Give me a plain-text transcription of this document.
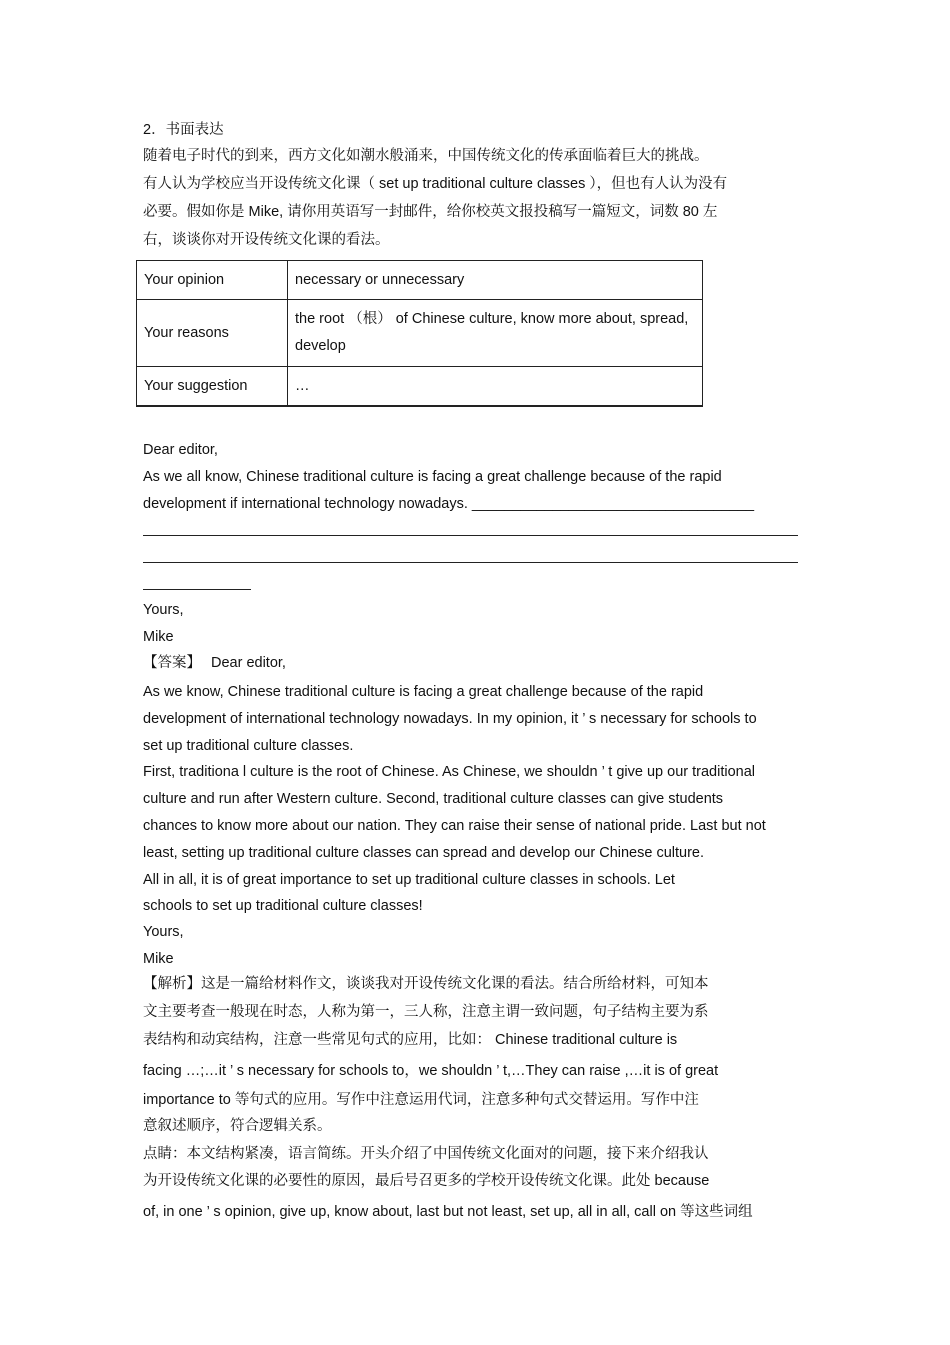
2．书面表达
随着电子时代的到来，西方文化如潮水般涌来，中国传统文化的传承面临着巨大的挑战。
有人认为学校应当开设传统文化课（ set up traditional culture classes ），但也有人认为没有
必要。假如你是 Mike, 请你用英语写一封邮件，给你校英文报投稿写一篇短文，词数 80 左
右，谈谈你对开设传统文化课的看法。
Your opinion	necessary or unnecessary
Your reasons	the root （根） of Chinese culture, know more about, spread, develop
Your suggestion	…
Dear editor,
As we all know, Chinese traditional culture is facing a great challenge because of the rapid
development if international technology nowadays. ___________________________________
Yours,
Mike
【答案】 Dear editor,
As we know, Chinese traditional culture is facing a great challenge because of the rapid
development of international technology nowadays. In my opinion, it ’ s necessary for schools to
set up traditional culture classes.
First, traditiona l culture is the root of Chinese. As Chinese, we shouldn ’ t give up our traditional
culture and run after Western culture. Second, traditional culture classes can give students
chances to know more about our nation. They can raise their sense of national pride. Last but not
least, setting up traditional culture classes can spread and develop our Chinese culture.
All in all, it is of great importance to set up traditional culture classes in schools. Let
schools to set up traditional culture classes!
Yours,
Mike
【解析】这是一篇给材料作文，谈谈我对开设传统文化课的看法。结合所给材料，可知本
文主要考查一般现在时态，人称为第一，三人称，注意主谓一致问题，句子结构主要为系
表结构和动宾结构，注意一些常见句式的应用，比如： Chinese traditional culture is
facing …;…it ’ s necessary for schools to，we shouldn ’ t,…They can raise ,…it is of great
importance to 等句式的应用。写作中注意运用代词，注意多种句式交替运用。写作中注
意叙述顺序，符合逻辑关系。
点睛：本文结构紧凑，语言简练。开头介绍了中国传统文化面对的问题，接下来介绍我认
为开设传统文化课的必要性的原因，最后号召更多的学校开设传统文化课。此处 because
of, in one ’ s opinion, give up, know about, last but not least, set up, all in all, call on 等这些词组
